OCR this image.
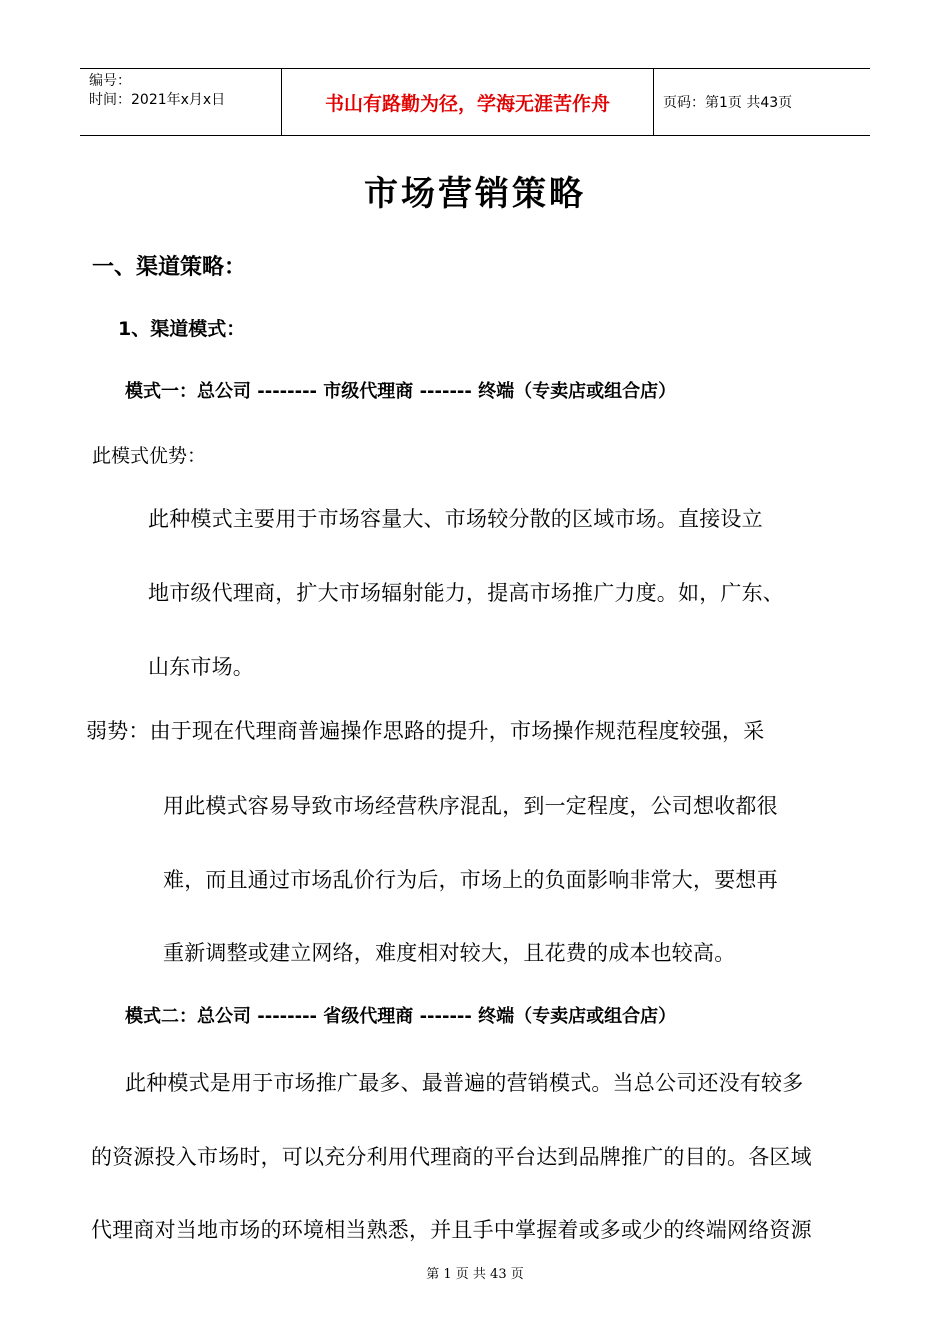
编号：
时间：2021年x月x日	书山有路勤为径，学海无涯苦作舟	页码：第1页 共43页
市场营销策略
一、渠道策略：
1、渠道模式：
模式一：总公司 -------- 市级代理商 ------- 终端（专卖店或组合店）
此模式优势：
此种模式主要用于市场容量大、市场较分散的区域市场。直接设立
地市级代理商，扩大市场辐射能力，提高市场推广力度。如，广东、
山东市场。
弱势：由于现在代理商普遍操作思路的提升，市场操作规范程度较强，采
用此模式容易导致市场经营秩序混乱，到一定程度，公司想收都很
难，而且通过市场乱价行为后，市场上的负面影响非常大，要想再
重新调整或建立网络，难度相对较大，且花费的成本也较高。
模式二：总公司 -------- 省级代理商 ------- 终端（专卖店或组合店）
此种模式是用于市场推广最多、最普遍的营销模式。当总公司还没有较多
的资源投入市场时，可以充分利用代理商的平台达到品牌推广的目的。各区域
代理商对当地市场的环境相当熟悉，并且手中掌握着或多或少的终端网络资源
第 1 页 共 43 页
